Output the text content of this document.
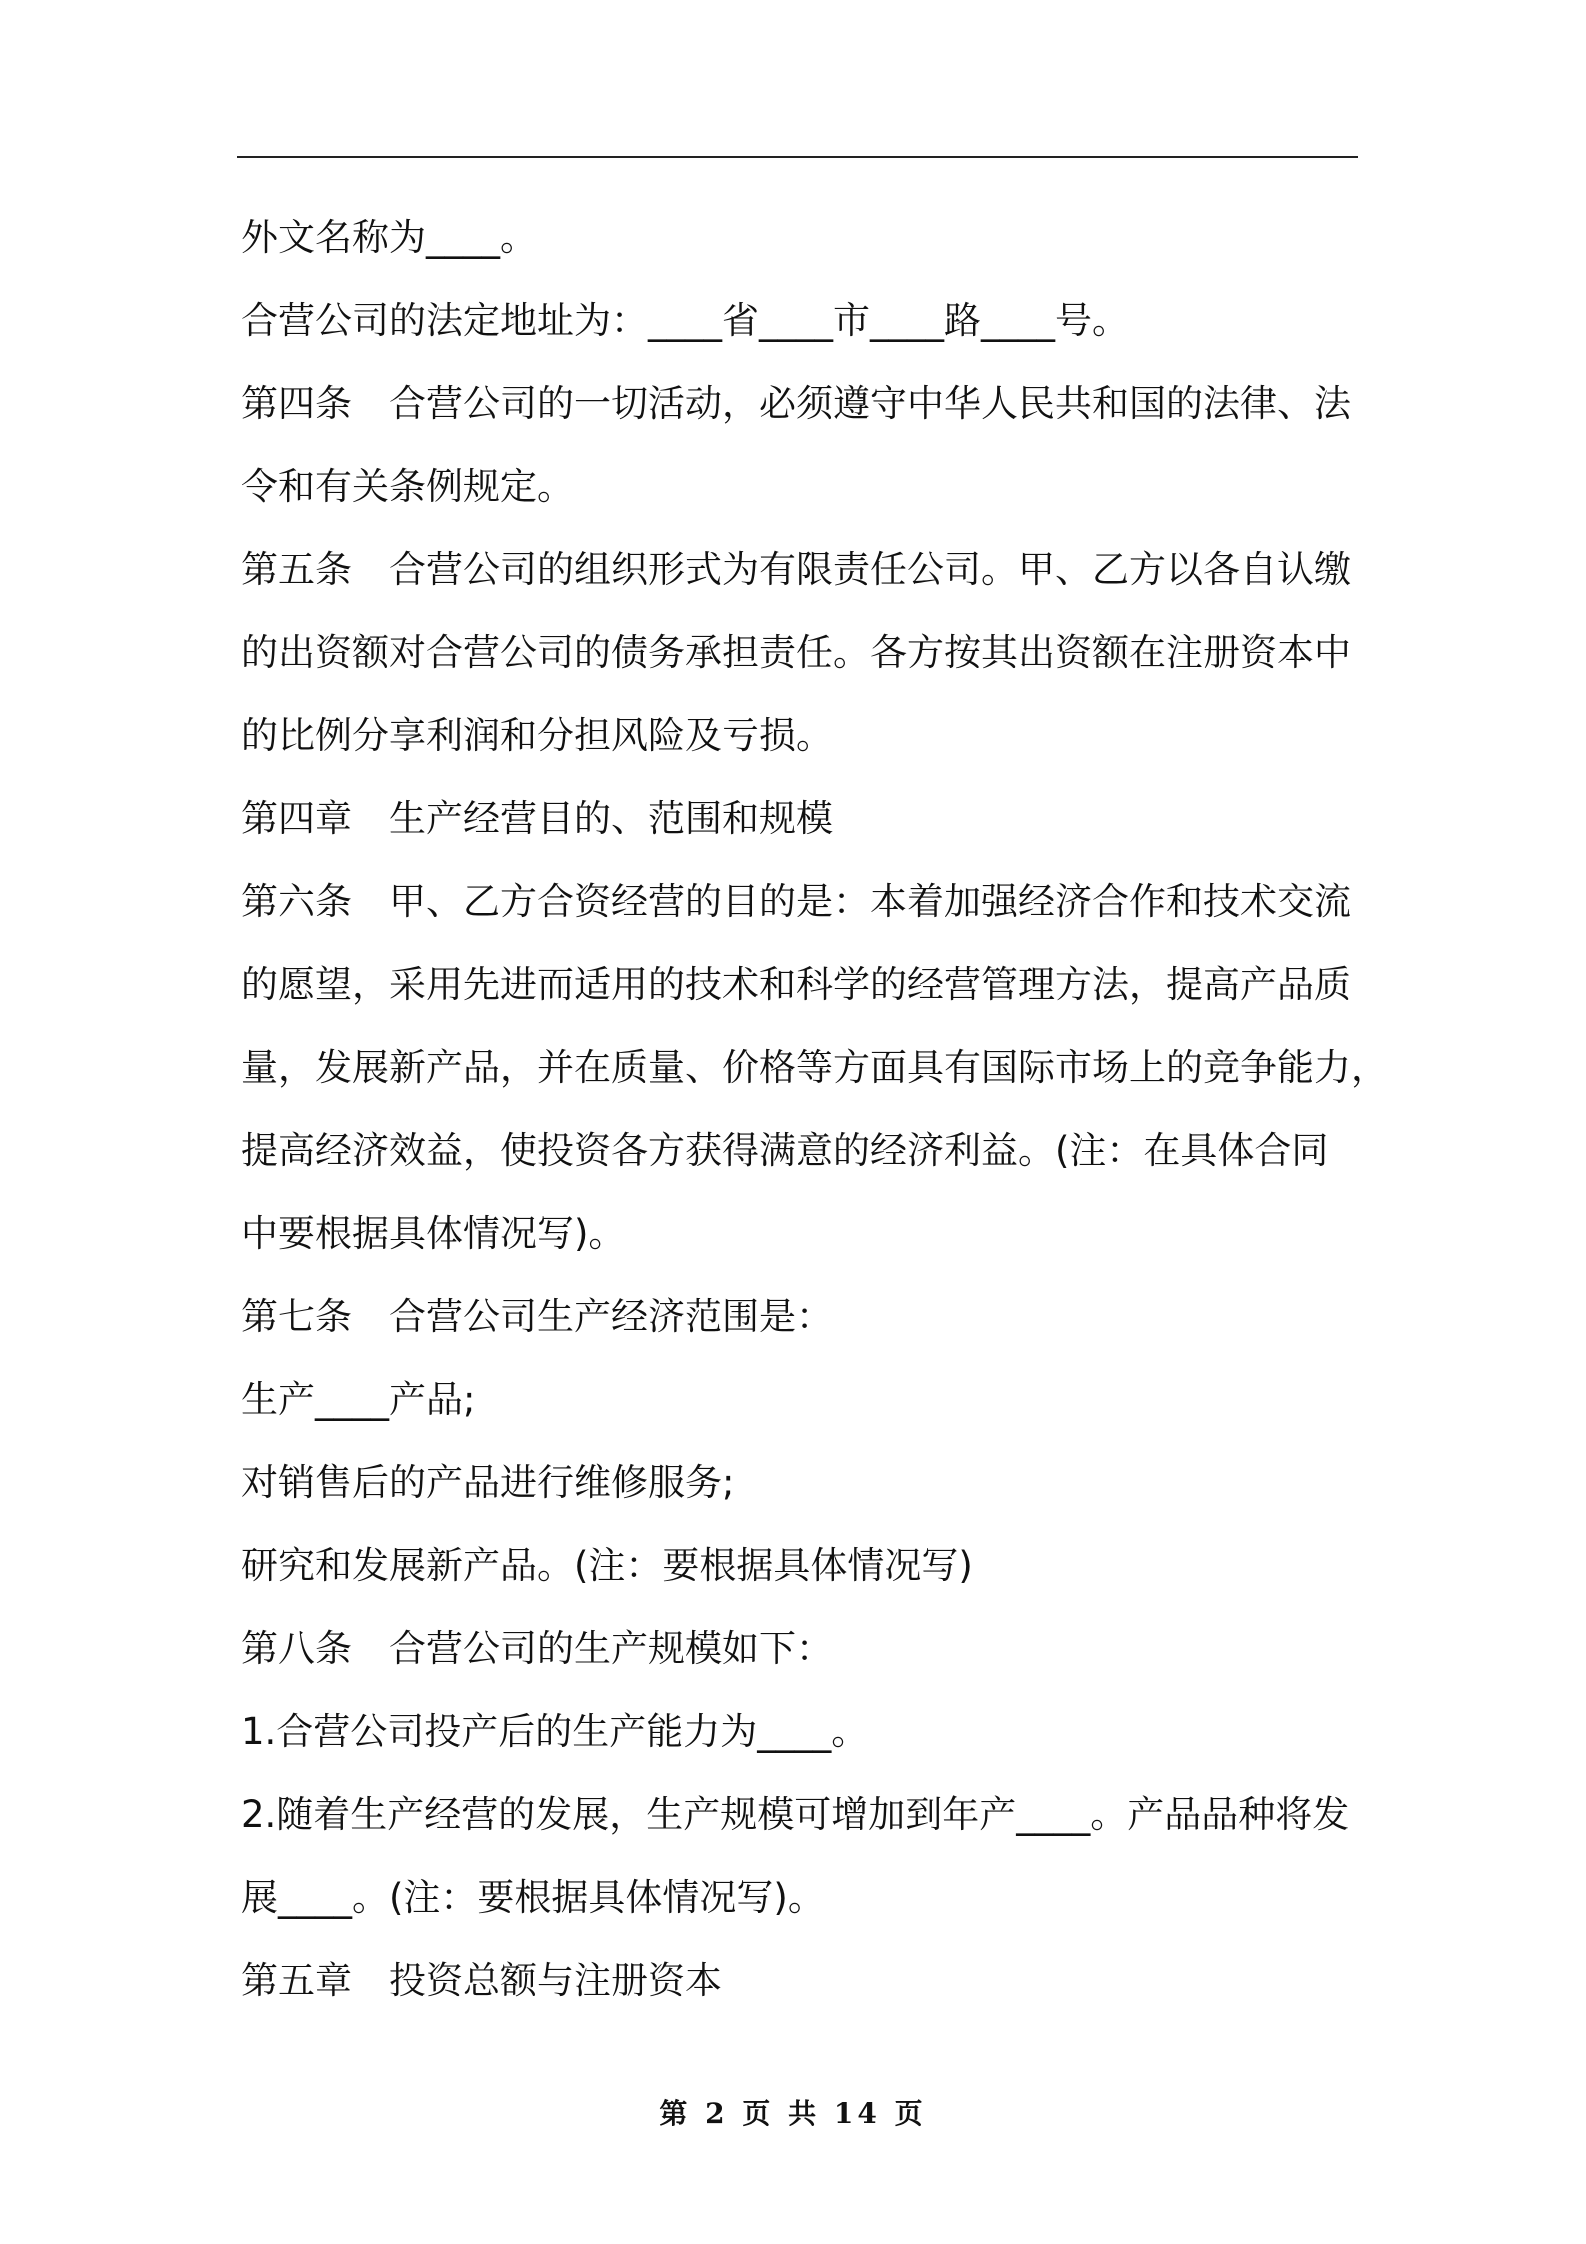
外文名称为____。
合营公司的法定地址为：____省____市____路____号。
第四条　合营公司的一切活动，必须遵守中华人民共和国的法律、法
令和有关条例规定。
第五条　合营公司的组织形式为有限责任公司。甲、乙方以各自认缴
的出资额对合营公司的债务承担责任。各方按其出资额在注册资本中
的比例分享利润和分担风险及亏损。
第四章　生产经营目的、范围和规模
第六条　甲、乙方合资经营的目的是：本着加强经济合作和技术交流
的愿望，采用先进而适用的技术和科学的经营管理方法，提高产品质
量，发展新产品，并在质量、价格等方面具有国际市场上的竞争能力，
提高经济效益，使投资各方获得满意的经济利益。(注：在具体合同
中要根据具体情况写)。
第七条　合营公司生产经济范围是：
生产____产品;
对销售后的产品进行维修服务;
研究和发展新产品。(注：要根据具体情况写)
第八条　合营公司的生产规模如下：
1.合营公司投产后的生产能力为____。
2.随着生产经营的发展，生产规模可增加到年产____。产品品种将发
展____。(注：要根据具体情况写)。
第五章　投资总额与注册资本
第 2 页 共 14 页
